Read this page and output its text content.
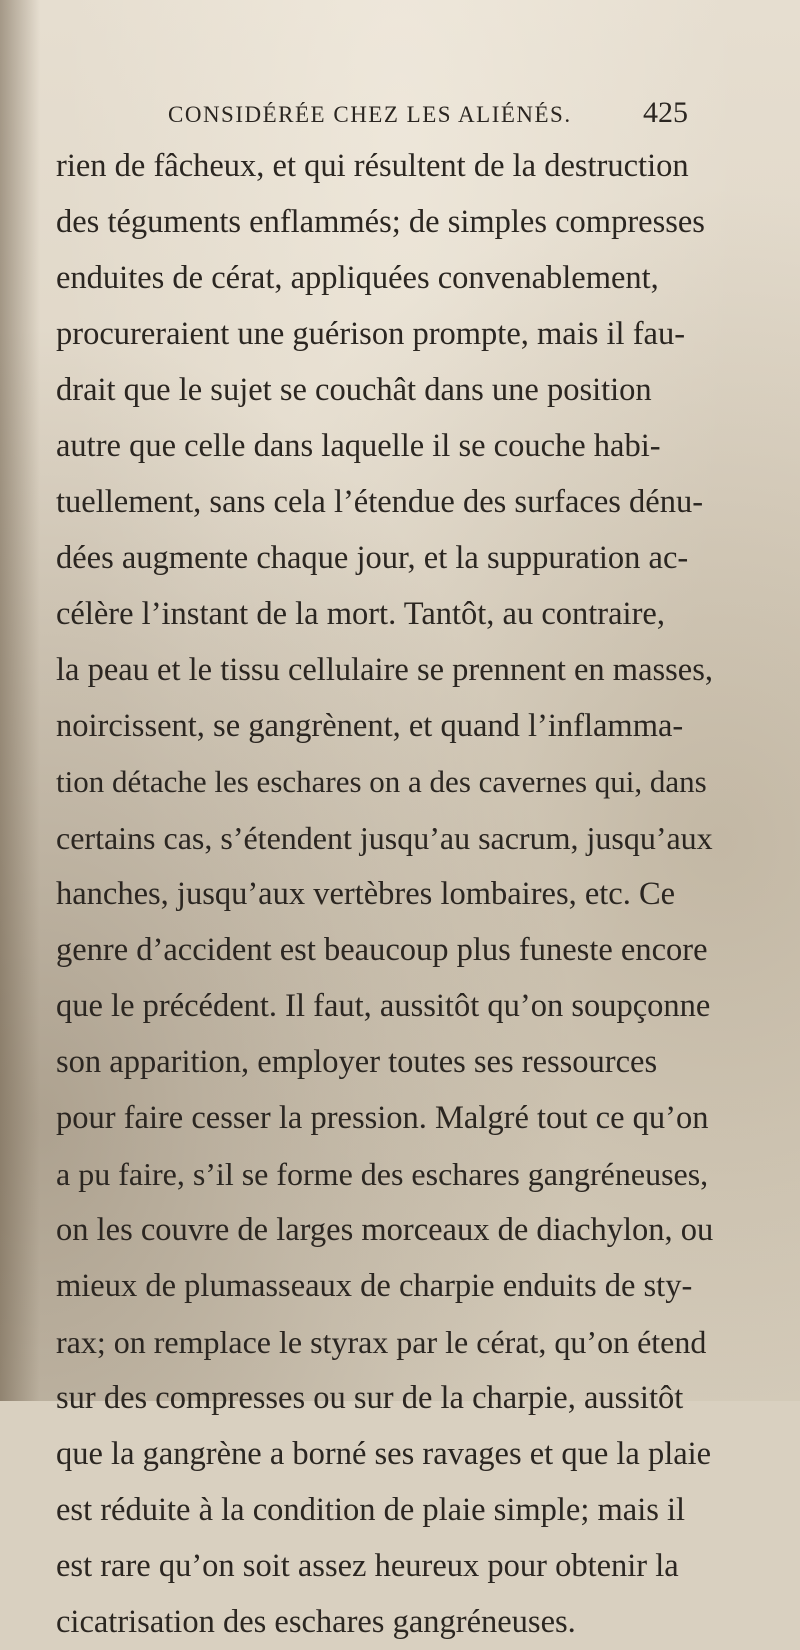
CONSIDÉRÉE CHEZ LES ALIÉNÉS. 425
rien de fâcheux, et qui résultent de la destruction
des téguments enflammés; de simples compresses
enduites de cérat, appliquées convenablement,
procureraient une guérison prompte, mais il fau-
drait que le sujet se couchât dans une position
autre que celle dans laquelle il se couche habi-
tuellement, sans cela l’étendue des surfaces dénu-
dées augmente chaque jour, et la suppuration ac-
célère l’instant de la mort. Tantôt, au contraire,
la peau et le tissu cellulaire se prennent en masses,
noircissent, se gangrènent, et quand l’inflamma-
tion détache les eschares on a des cavernes qui, dans
certains cas, s’étendent jusqu’au sacrum, jusqu’aux
hanches, jusqu’aux vertèbres lombaires, etc. Ce
genre d’accident est beaucoup plus funeste encore
que le précédent. Il faut, aussitôt qu’on soupçonne
son apparition, employer toutes ses ressources
pour faire cesser la pression. Malgré tout ce qu’on
a pu faire, s’il se forme des eschares gangréneuses,
on les couvre de larges morceaux de diachylon, ou
mieux de plumasseaux de charpie enduits de sty-
rax; on remplace le styrax par le cérat, qu’on étend
sur des compresses ou sur de la charpie, aussitôt
que la gangrène a borné ses ravages et que la plaie
est réduite à la condition de plaie simple; mais il
est rare qu’on soit assez heureux pour obtenir la
cicatrisation des eschares gangréneuses.
